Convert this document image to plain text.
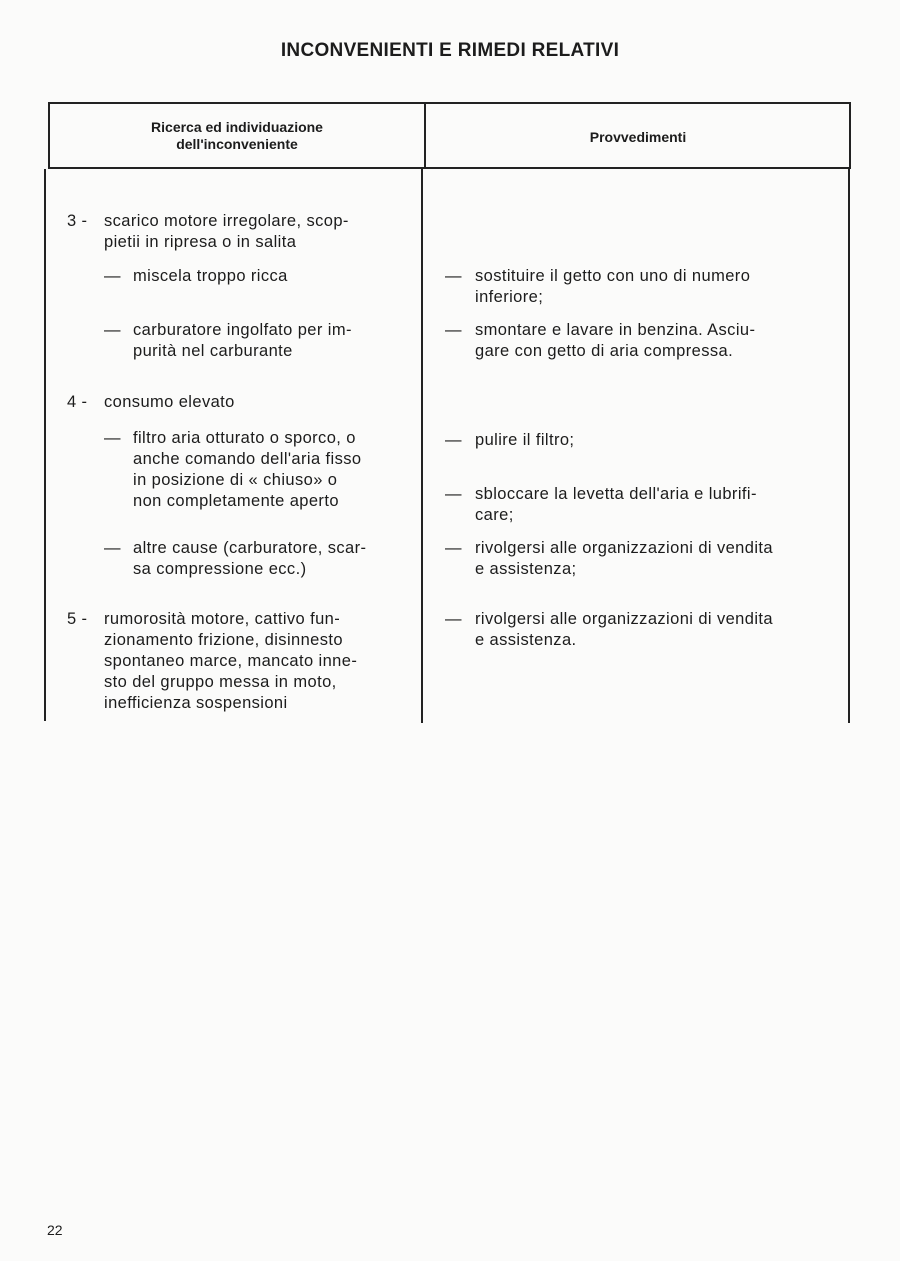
INCONVENIENTI E RIMEDI RELATIVI
Ricerca ed individuazione
dell'inconveniente	Provvedimenti
3 - scarico motore irregolare, scop-
pietii in ripresa o in salita
— miscela troppo ricca
— carburatore ingolfato per im-
purità nel carburante
4 - consumo elevato
— filtro aria otturato o sporco, o
anche comando dell'aria fisso
in posizione di « chiuso» o
non completamente aperto
— altre cause (carburatore, scar-
sa compressione ecc.)
5 - rumorosità motore, cattivo fun-
zionamento frizione, disinnesto
spontaneo marce, mancato inne-
sto del gruppo messa in moto,
inefficienza sospensioni
— sostituire il getto con uno di numero
inferiore;
— smontare e lavare in benzina. Asciu-
gare con getto di aria compressa.
— pulire il filtro;
— sbloccare la levetta dell'aria e lubrifi-
care;
— rivolgersi alle organizzazioni di vendita
e assistenza;
— rivolgersi alle organizzazioni di vendita
e assistenza.
22
